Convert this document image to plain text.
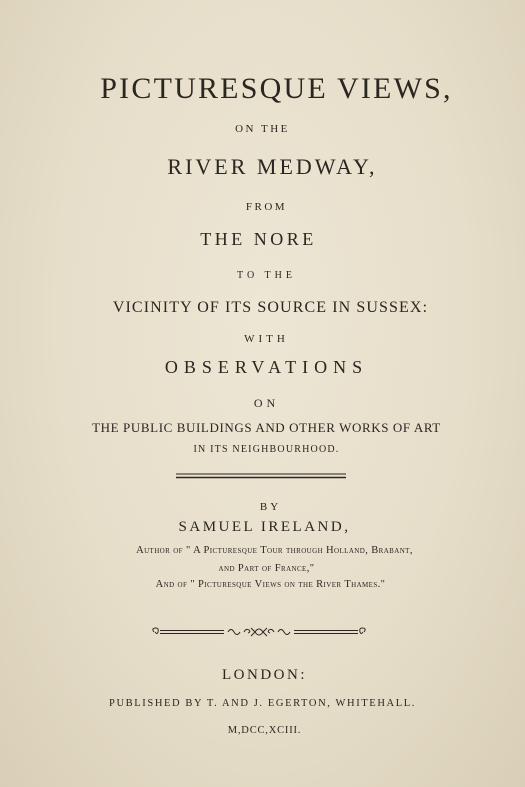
PICTURESQUE VIEWS,
ON THE
RIVER MEDWAY,
FROM
THE NORE
TO THE
VICINITY OF ITS SOURCE IN SUSSEX:
WITH
OBSERVATIONS
ON
THE PUBLIC BUILDINGS AND OTHER WORKS OF ART
IN ITS NEIGHBOURHOOD.
BY
SAMUEL IRELAND,
Author of " A Picturesque Tour through Holland, Brabant,
and Part of France,"
And of " Picturesque Views on the River Thames."
LONDON:
PUBLISHED BY T. AND J. EGERTON, WHITEHALL.
M,DCC,XCIII.
